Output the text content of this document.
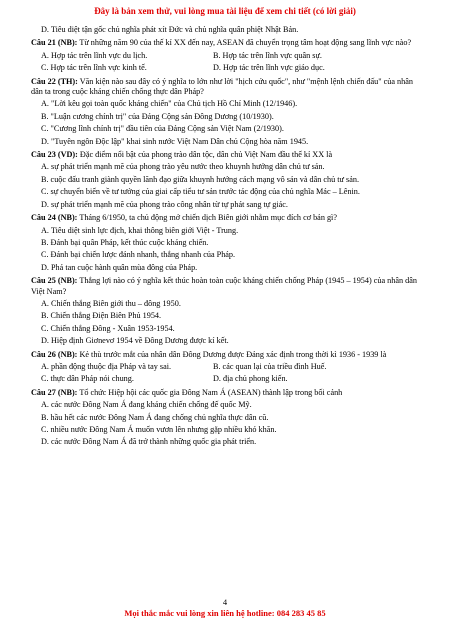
Đây là bản xem thử, vui lòng mua tài liệu để xem chi tiết (có lời giải)
D. Tiêu diệt tận gốc chủ nghĩa phát xít Đức và chủ nghĩa quân phiệt Nhật Bản.
Câu 21 (NB): Từ những năm 90 của thế kỉ XX đến nay, ASEAN đã chuyển trọng tâm hoạt động sang lĩnh vực nào?
A. Hợp tác trên lĩnh vực du lịch.	B. Hợp tác trên lĩnh vực quân sự.
C. Hợp tác trên lĩnh vực kinh tế.	D. Hợp tác trên lĩnh vực giáo dục.
Câu 22 (TH): Văn kiện nào sau đây có ý nghĩa to lớn như lời "hịch cứu quốc", như "mệnh lệnh chiến đấu" của nhân dân ta trong cuộc kháng chiến chống thực dân Pháp?
A. "Lời kêu gọi toàn quốc kháng chiến" của Chủ tịch Hồ Chí Minh (12/1946).
B. "Luận cương chính trị" của Đảng Cộng sản Đông Dương (10/1930).
C. "Cương lĩnh chính trị" đầu tiên của Đảng Cộng sản Việt Nam (2/1930).
D. "Tuyên ngôn Độc lập" khai sinh nước Việt Nam Dân chủ Cộng hòa năm 1945.
Câu 23 (VD): Đặc điểm nổi bật của phong trào dân tộc, dân chủ Việt Nam đầu thế kỉ XX là
A. sự phát triển mạnh mẽ của phong trào yêu nước theo khuynh hướng dân chủ tư sản.
B. cuộc đấu tranh giành quyền lãnh đạo giữa khuynh hướng cách mạng vô sản và dân chủ tư sản.
C. sự chuyển biến về tư tưởng của giai cấp tiểu tư sản trước tác động của chủ nghĩa Mác – Lênin.
D. sự phát triển mạnh mẽ của phong trào công nhân từ tự phát sang tự giác.
Câu 24 (NB): Tháng 6/1950, ta chủ động mở chiến dịch Biên giới nhằm mục đích cơ bản gì?
A. Tiêu diệt sinh lực địch, khai thông biên giới Việt - Trung.
B. Đánh bại quân Pháp, kết thúc cuộc kháng chiến.
C. Đánh bại chiến lược đánh nhanh, thắng nhanh của Pháp.
D. Phá tan cuộc hành quân mùa đông của Pháp.
Câu 25 (NB): Thắng lợi nào có ý nghĩa kết thúc hoàn toàn cuộc kháng chiến chống Pháp (1945 – 1954) của nhân dân Việt Nam?
A. Chiến thắng Biên giới thu – đông 1950.
B. Chiến thắng Điện Biên Phủ 1954.
C. Chiến thắng Đông - Xuân 1953-1954.
D. Hiệp định Giơnevơ 1954 về Đông Dương được kí kết.
Câu 26 (NB): Kẻ thù trước mắt của nhân dân Đông Dương được Đảng xác định trong thời kì 1936 - 1939 là
A. phần động thuộc địa Pháp và tay sai.	B. các quan lại của triều đình Huế.
C. thực dân Pháp nói chung.	D. địa chủ phong kiến.
Câu 27 (NB): Tổ chức Hiệp hội các quốc gia Đông Nam Á (ASEAN) thành lập trong bối cảnh
A. các nước Đông Nam Á đang kháng chiến chống đế quốc Mỹ.
B. hầu hết các nước Đông Nam Á đang chống chủ nghĩa thực dân cũ.
C. nhiều nước Đông Nam Á muốn vươn lên nhưng gặp nhiều khó khăn.
D. các nước Đông Nam Á đã trở thành những quốc gia phát triển.
4
Mọi thắc mắc vui lòng xin liên hệ hotline: 084 283 45 85
